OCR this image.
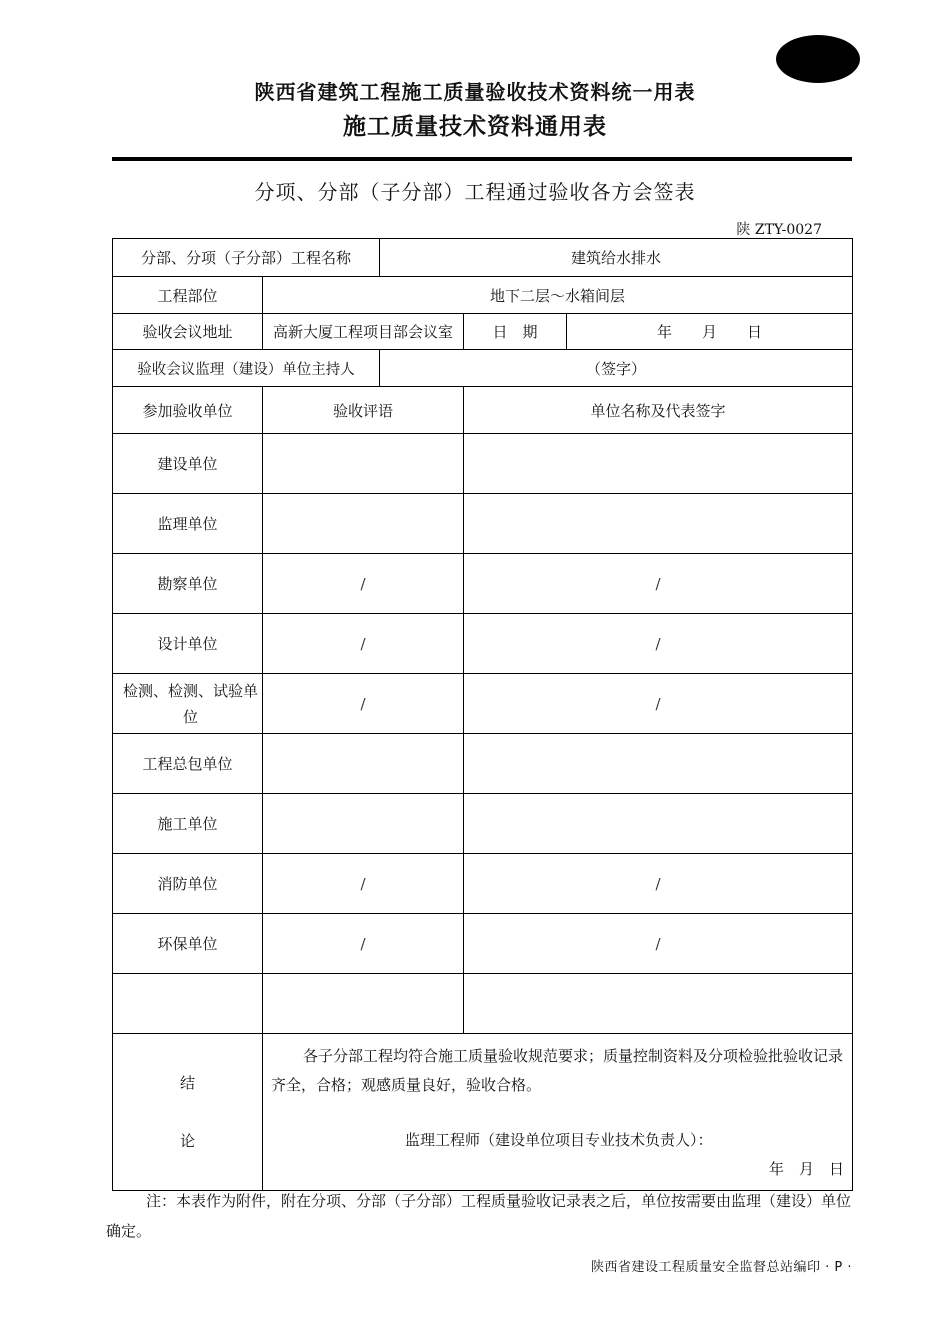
陕西省建筑工程施工质量验收技术资料统一用表
施工质量技术资料通用表
分项、分部（子分部）工程通过验收各方会签表
陕 ZTY-0027
分部、分项（子分部）工程名称		建筑给水排水		
工程部位	地下二层～水箱间层			
验收会议地址	高新大厦工程项目部会议室		日　期	年　　月　　日
验收会议监理（建设）单位主持人		（签字）		
参加验收单位	验收评语		单位名称及代表签字	
建设单位				
监理单位				
勘察单位	/		/	
设计单位	/		/	
检测、检测、试验单位	/		/	
工程总包单位				
施工单位				
消防单位	/		/	
环保单位	/		/	

结
论	各子分部工程均符合施工质量验收规范要求；质量控制资料及分项检验批验收记录齐全，合格；观感质量良好，验收合格。
监理工程师（建设单位项目专业技术负责人）：
年　月　日			
注：本表作为附件，附在分项、分部（子分部）工程质量验收记录表之后，单位按需要由监理（建设）单位确定。
陕西省建设工程质量安全监督总站编印 · P ·
